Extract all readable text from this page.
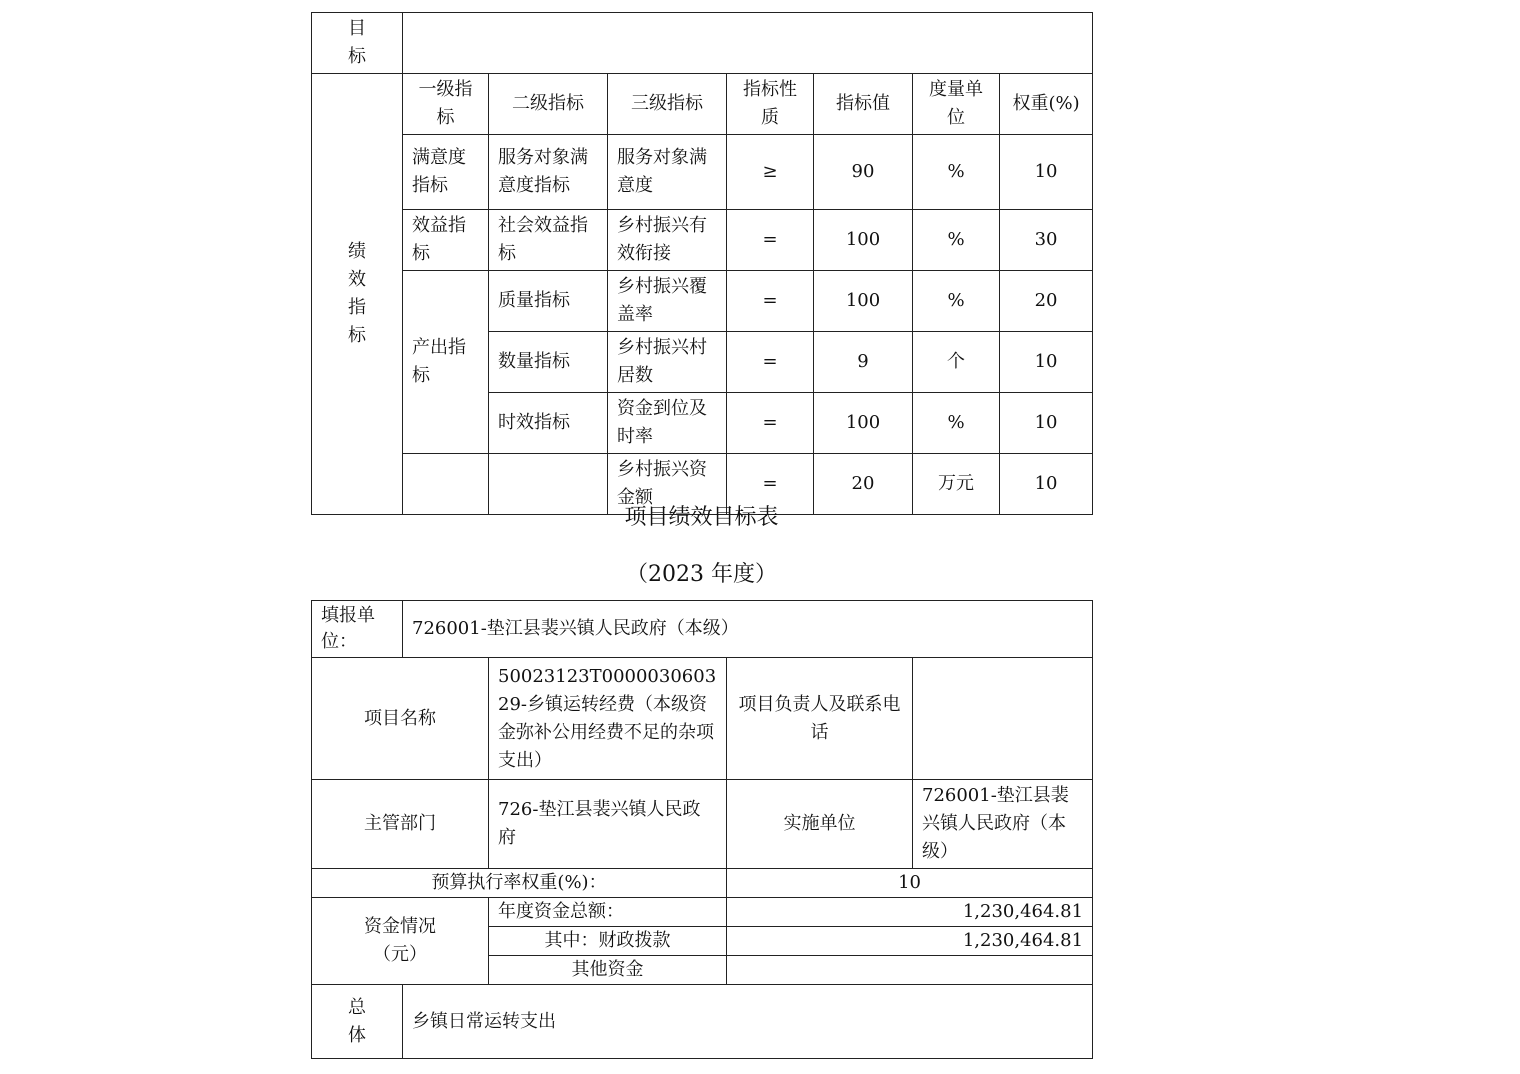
目标							

绩效指标	一级指标	二级指标	三级指标	指标性质	指标值	度量单位	权重(%)
	满意度指标	服务对象满意度指标	服务对象满意度	≥	90	%	10
	效益指标	社会效益指标	乡村振兴有效衔接	=	100	%	30
	产出指标	质量指标	乡村振兴覆盖率	=	100	%	20
		数量指标	乡村振兴村居数	=	9	个	10
		时效指标	资金到位及时率	=	100	%	10
			乡村振兴资金额	=	20	万元	10
项目绩效目标表
（2023 年度）
填报单位：	726001-垫江县裴兴镇人民政府（本级）			
项目名称		50023123T000003060329-乡镇运转经费（本级资金弥补公用经费不足的杂项支出）	项目负责人及联系电话	
主管部门		726-垫江县裴兴镇人民政府	实施单位	726001-垫江县裴兴镇人民政府（本级）
预算执行率权重(%)：			10	

资金情况（元）		年度资金总额：	1,230,464.81	
		其中：财政拨款	1,230,464.81	
		其他资金		

总体	乡镇日常运转支出			
